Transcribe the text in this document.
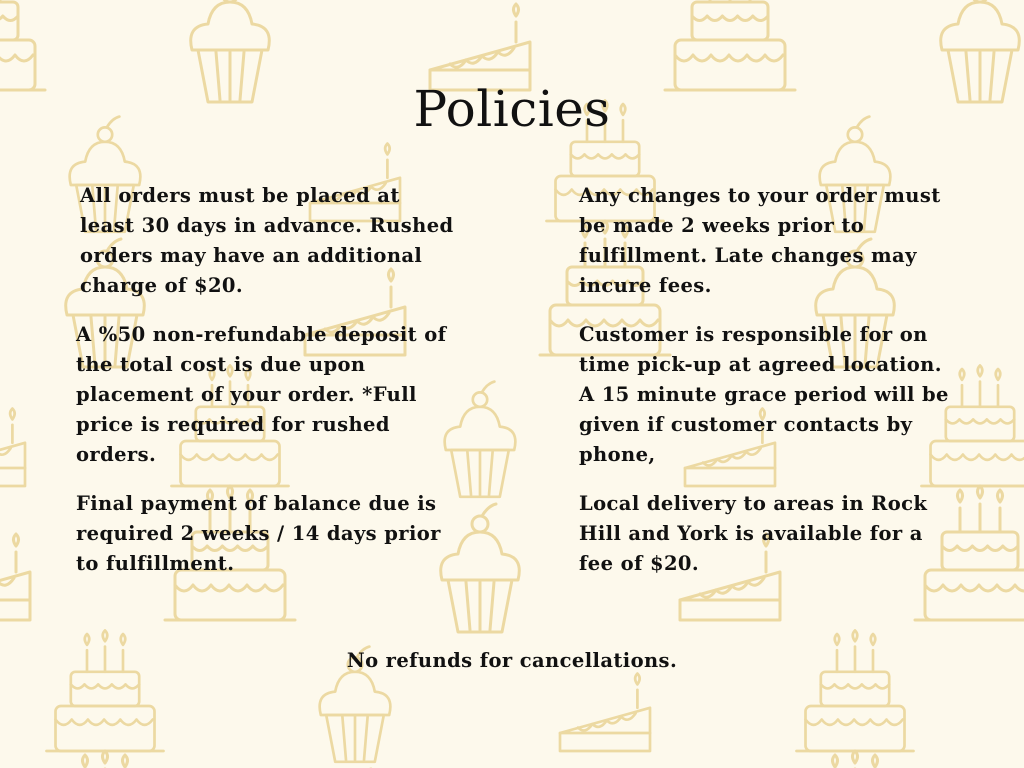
Policies

All orders must be placed at
least 30 days in advance. Rushed
orders may have an additional
charge of $20.

A %50 non-refundable deposit of
the total cost is due upon
placement of your order. *Full
price is required for rushed
orders.

Final payment of balance due is
required 2 weeks / 14 days prior
to fulfillment.

Any changes to your order must
be made 2 weeks prior to
fulfillment. Late changes may
incure fees.

Customer is responsible for on
time pick-up at agreed location.
A 15 minute grace period will be
given if customer contacts by
phone,

Local delivery to areas in Rock
Hill and York is available for a
fee of $20.

No refunds for cancellations.
